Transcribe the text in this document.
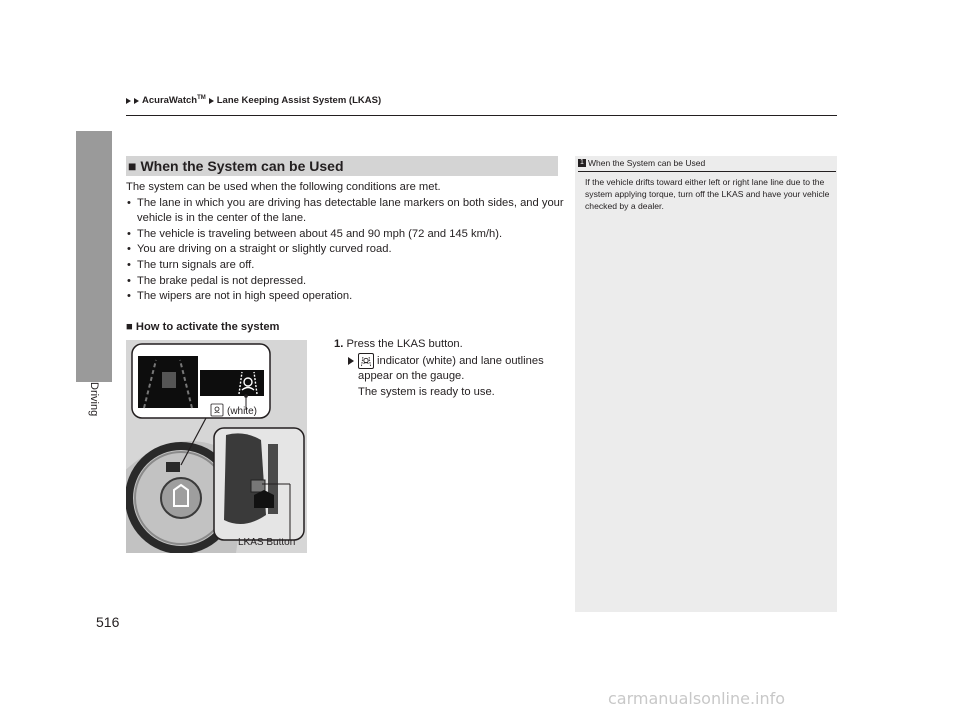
AcuraWatch™ Lane Keeping Assist System (LKAS)
Driving
■ When the System can be Used

The system can be used when the following conditions are met.

• The lane in which you are driving has detectable lane markers on both sides, and your vehicle is in the center of the lane.
• The vehicle is traveling between about 45 and 90 mph (72 and 145 km/h).
• You are driving on a straight or slightly curved road.
• The turn signals are off.
• The brake pedal is not depressed.
• The wipers are not in high speed operation.
■ How to activate the system
1. Press the LKAS button.
indicator (white) and lane outlines
appear on the gauge.
The system is ready to use.
(white)
LKAS Button
1 When the System can be Used
If the vehicle drifts toward either left or right lane line due to the system applying torque, turn off the LKAS and have your vehicle checked by a dealer.
516
carmanualsonline.info
